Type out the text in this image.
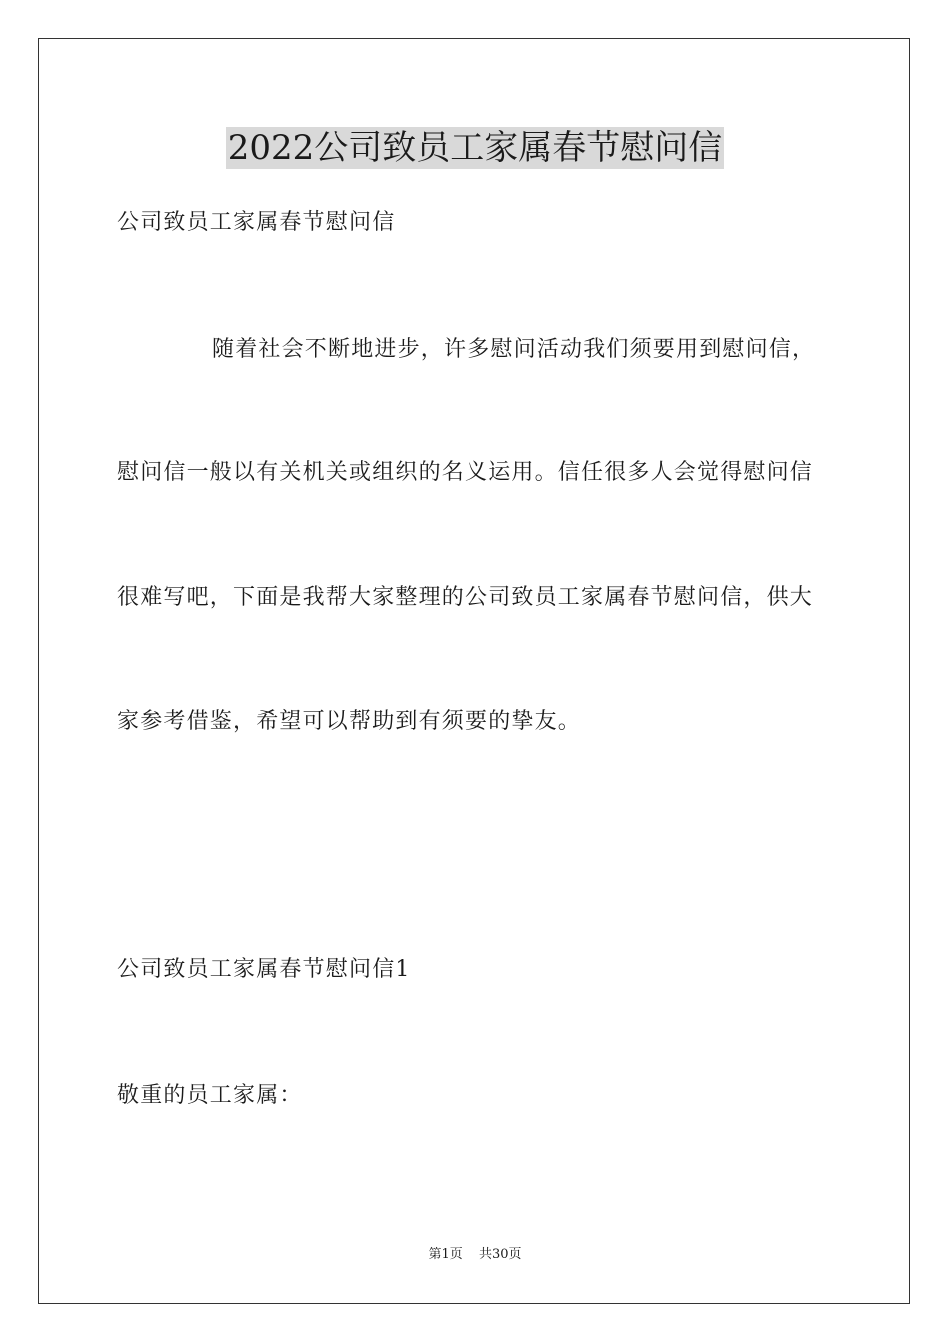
2022公司致员工家属春节慰问信
公司致员工家属春节慰问信
随着社会不断地进步，许多慰问活动我们须要用到慰问信，
慰问信一般以有关机关或组织的名义运用。信任很多人会觉得慰问信
很难写吧，下面是我帮大家整理的公司致员工家属春节慰问信，供大
家参考借鉴，希望可以帮助到有须要的挚友。
公司致员工家属春节慰问信1
敬重的员工家属：
第1页 共30页
